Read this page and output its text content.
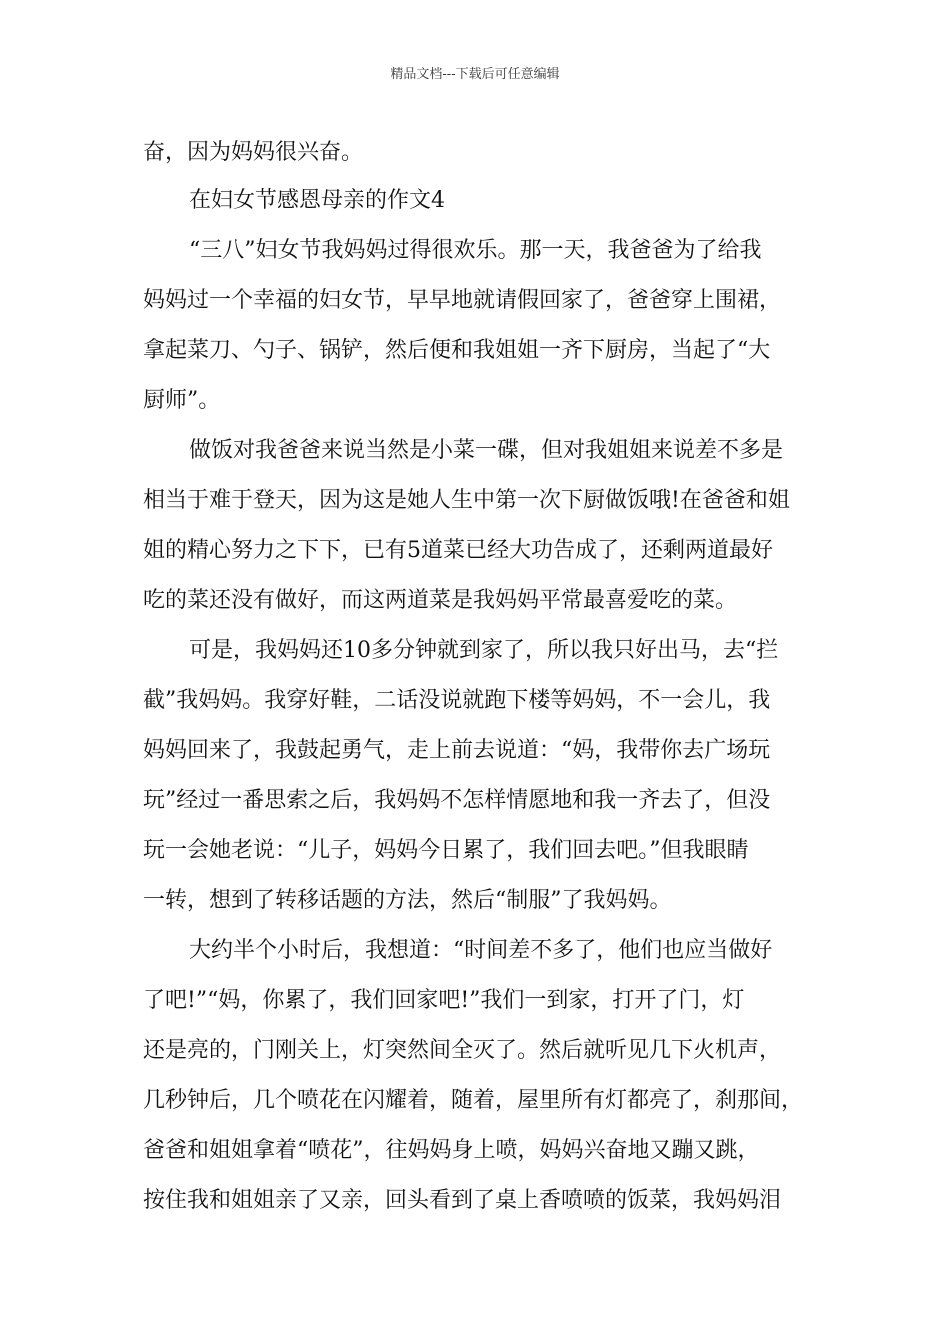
精品文档---下载后可任意编辑
奋，因为妈妈很兴奋。
在妇女节感恩母亲的作文4
“三八”妇女节我妈妈过得很欢乐。那一天，我爸爸为了给我
妈妈过一个幸福的妇女节，早早地就请假回家了，爸爸穿上围裙，
拿起菜刀、勺子、锅铲，然后便和我姐姐一齐下厨房，当起了“大
厨师”。
做饭对我爸爸来说当然是小菜一碟，但对我姐姐来说差不多是
相当于难于登天，因为这是她人生中第一次下厨做饭哦!在爸爸和姐
姐的精心努力之下下，已有5道菜已经大功告成了，还剩两道最好
吃的菜还没有做好，而这两道菜是我妈妈平常最喜爱吃的菜。
可是，我妈妈还10多分钟就到家了，所以我只好出马，去“拦
截”我妈妈。我穿好鞋，二话没说就跑下楼等妈妈，不一会儿，我
妈妈回来了，我鼓起勇气，走上前去说道：“妈，我带你去广场玩
玩”经过一番思索之后，我妈妈不怎样情愿地和我一齐去了，但没
玩一会她老说：“儿子，妈妈今日累了，我们回去吧。”但我眼睛
一转，想到了转移话题的方法，然后“制服”了我妈妈。
大约半个小时后，我想道：“时间差不多了，他们也应当做好
了吧!”“妈，你累了，我们回家吧!”我们一到家，打开了门，灯
还是亮的，门刚关上，灯突然间全灭了。然后就听见几下火机声，
几秒钟后，几个喷花在闪耀着，随着，屋里所有灯都亮了，刹那间，
爸爸和姐姐拿着“喷花”，往妈妈身上喷，妈妈兴奋地又蹦又跳，
按住我和姐姐亲了又亲，回头看到了桌上香喷喷的饭菜，我妈妈泪
